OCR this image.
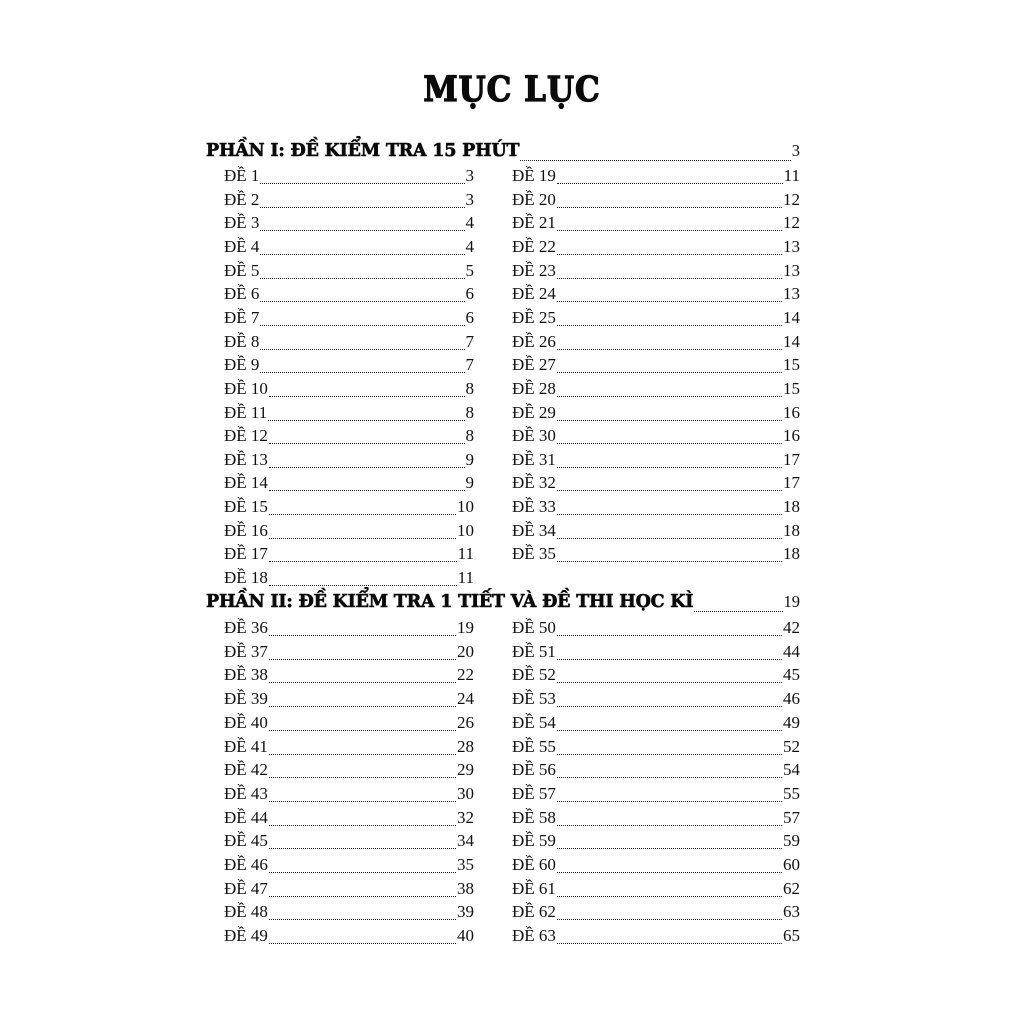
MỤC LỤC
PHẦN I: ĐỀ KIỂM TRA 15 PHÚT	3
ĐỀ 1	3
ĐỀ 2	3
ĐỀ 3	4
ĐỀ 4	4
ĐỀ 5	5
ĐỀ 6	6
ĐỀ 7	6
ĐỀ 8	7
ĐỀ 9	7
ĐỀ 10	8
ĐỀ 11	8
ĐỀ 12	8
ĐỀ 13	9
ĐỀ 14	9
ĐỀ 15	10
ĐỀ 16	10
ĐỀ 17	11
ĐỀ 18	11
ĐỀ 19	11
ĐỀ 20	12
ĐỀ 21	12
ĐỀ 22	13
ĐỀ 23	13
ĐỀ 24	13
ĐỀ 25	14
ĐỀ 26	14
ĐỀ 27	15
ĐỀ 28	15
ĐỀ 29	16
ĐỀ 30	16
ĐỀ 31	17
ĐỀ 32	17
ĐỀ 33	18
ĐỀ 34	18
ĐỀ 35	18
PHẦN II: ĐỀ KIỂM TRA 1 TIẾT VÀ ĐỀ THI HỌC KÌ	19
ĐỀ 36	19
ĐỀ 37	20
ĐỀ 38	22
ĐỀ 39	24
ĐỀ 40	26
ĐỀ 41	28
ĐỀ 42	29
ĐỀ 43	30
ĐỀ 44	32
ĐỀ 45	34
ĐỀ 46	35
ĐỀ 47	38
ĐỀ 48	39
ĐỀ 49	40
ĐỀ 50	42
ĐỀ 51	44
ĐỀ 52	45
ĐỀ 53	46
ĐỀ 54	49
ĐỀ 55	52
ĐỀ 56	54
ĐỀ 57	55
ĐỀ 58	57
ĐỀ 59	59
ĐỀ 60	60
ĐỀ 61	62
ĐỀ 62	63
ĐỀ 63	65
